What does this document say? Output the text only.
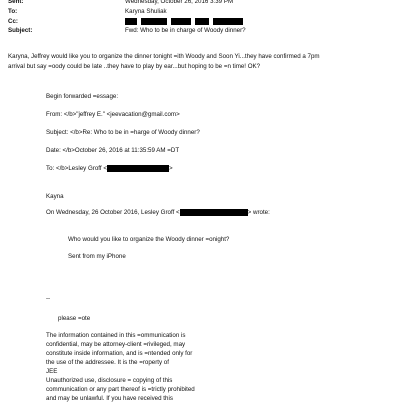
Sent:	Wednesday, October 26, 2016 3:39 PM
To:	Karyna Shuliak
Cc:
Subject:	Fwd: Who to be in charge of Woody dinner?
Karyna, Jeffrey would like you to organize the dinner tonight =ith Woody and Soon Yi...they have confirmed a 7pm
arrival but say =oody could be late ..they have to play by ear...but hoping to be =n time! OK?
Begin forwarded =essage:
From: </b>"jeffrey E." <jeevacation@gmail.com>
Subject: </b>Re: Who to be in =harge of Woody dinner?
Date: </b>October 26, 2016 at 11:35:59 AM =DT
To: </b>Lesley Groff <	>
Kayna
On Wednesday, 26 October 2016, Lesley Groff <	> wrote:
Who would you like to organize the Woody dinner =onight?
Sent from my iPhone
--
please =ote
The information contained in this =ommunication is
confidential, may be attorney-client =rivileged, may
constitute inside information, and is =ntended only for
the use of the addressee. It is the =roperty of
JEE
Unauthorized use, disclosure = copying of this
communication or any part thereof is =trictly prohibited
and may be unlawful. If you have received this
